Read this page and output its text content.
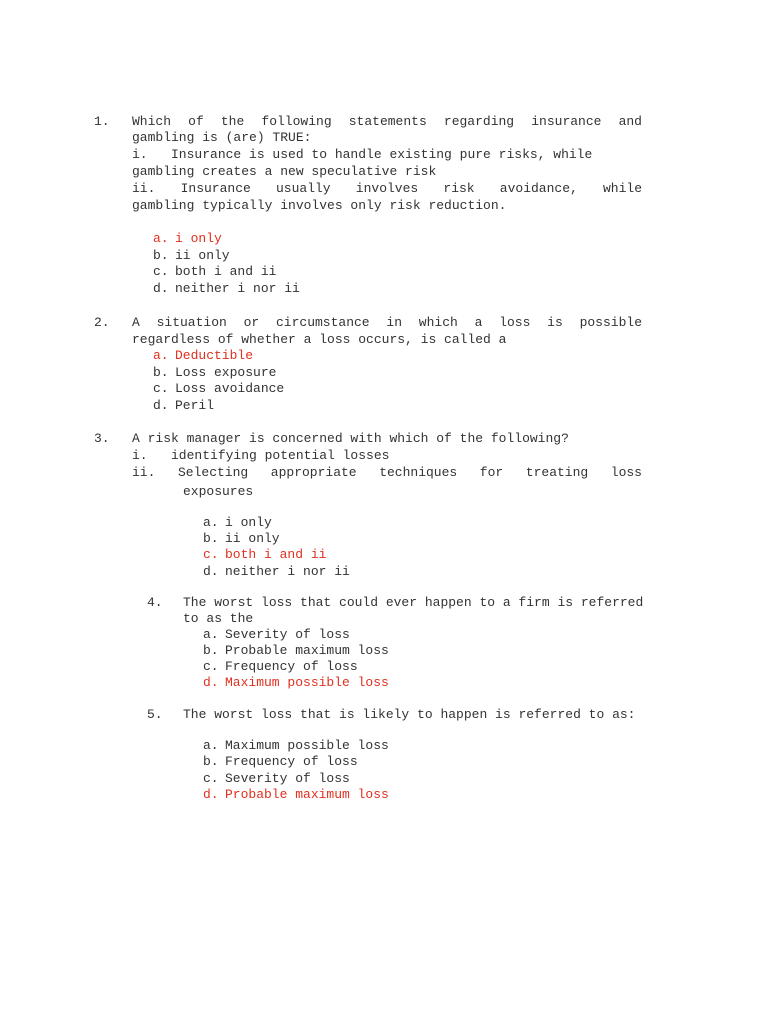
1. Which of the following statements regarding insurance and
gambling is (are) TRUE:
i.   Insurance is used to handle existing pure risks, while
gambling creates a new speculative risk
ii. Insurance usually involves risk avoidance, while
gambling typically involves only risk reduction.
a. i only
b. ii only
c. both i and ii
d. neither i nor ii
2. A situation or circumstance in which a loss is possible
regardless of whether a loss occurs, is called a
a. Deductible
b. Loss exposure
c. Loss avoidance
d. Peril
3. A risk manager is concerned with which of the following?
i.   identifying potential losses
ii. Selecting appropriate techniques for treating loss
exposures
a. i only
b. ii only
c. both i and ii
d. neither i nor ii
4. The worst loss that could ever happen to a firm is referred
to as the
a. Severity of loss
b. Probable maximum loss
c. Frequency of loss
d. Maximum possible loss
5. The worst loss that is likely to happen is referred to as:
a. Maximum possible loss
b. Frequency of loss
c. Severity of loss
d. Probable maximum loss
